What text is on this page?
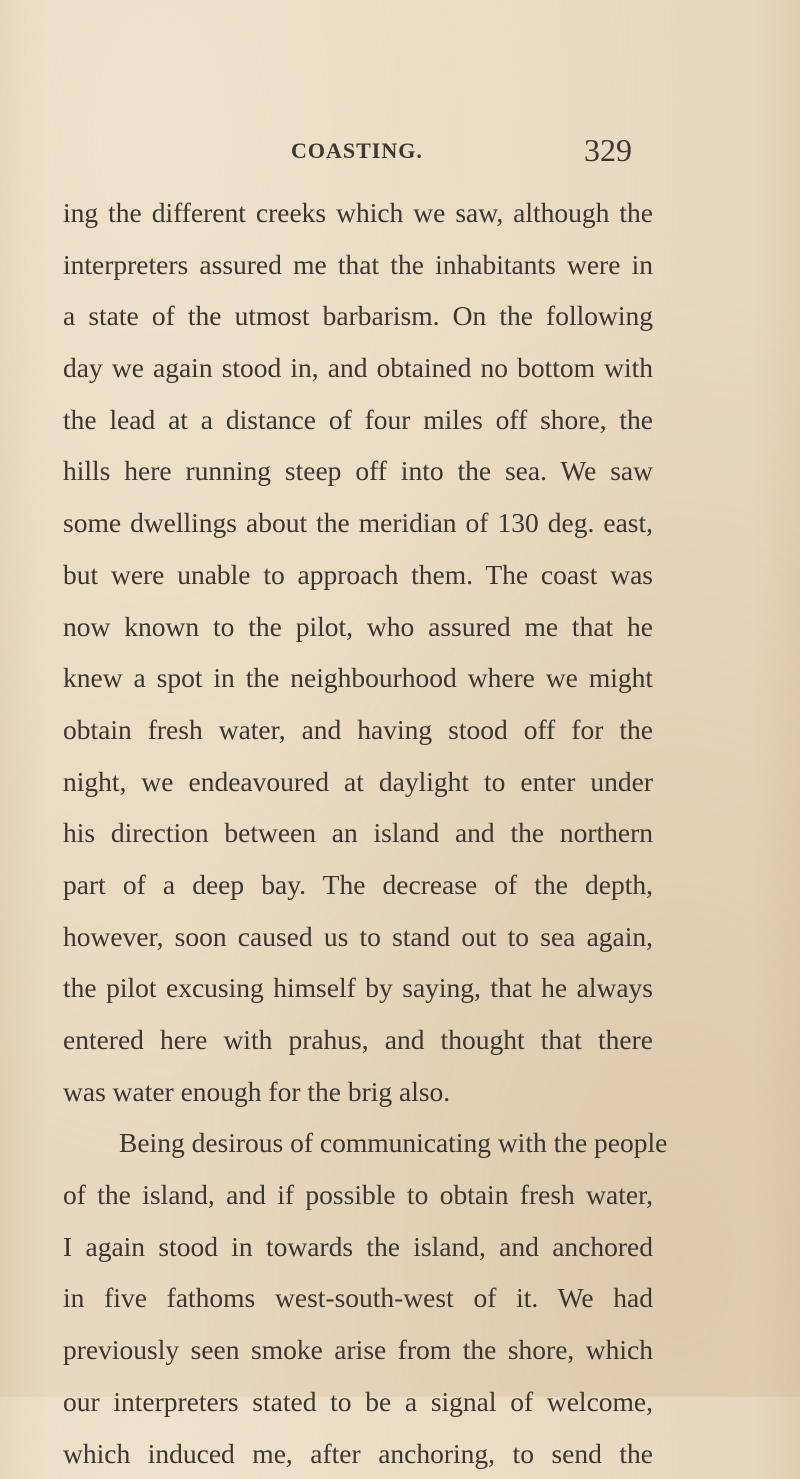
COASTING.	329
ing the different creeks which we saw, although the
interpreters assured me that the inhabitants were in
a state of the utmost barbarism. On the following
day we again stood in, and obtained no bottom with
the lead at a distance of four miles off shore, the
hills here running steep off into the sea. We saw
some dwellings about the meridian of 130 deg. east,
but were unable to approach them. The coast was
now known to the pilot, who assured me that he
knew a spot in the neighbourhood where we might
obtain fresh water, and having stood off for the
night, we endeavoured at daylight to enter under
his direction between an island and the northern
part of a deep bay. The decrease of the depth,
however, soon caused us to stand out to sea again,
the pilot excusing himself by saying, that he always
entered here with prahus, and thought that there
was water enough for the brig also.
Being desirous of communicating with the people
of the island, and if possible to obtain fresh water,
I again stood in towards the island, and anchored
in five fathoms west-south-west of it. We had
previously seen smoke arise from the shore, which
our interpreters stated to be a signal of welcome,
which induced me, after anchoring, to send the
